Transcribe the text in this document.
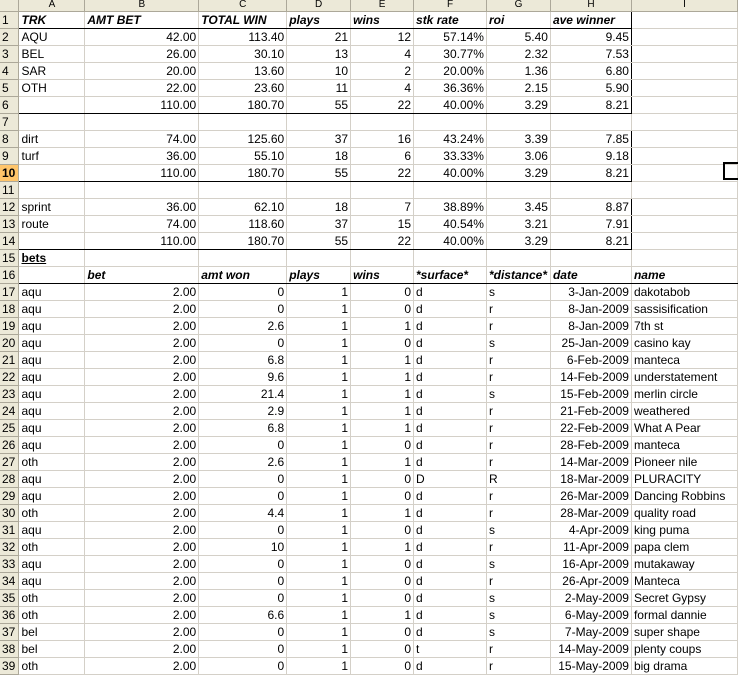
	A	B	C	D	E	F	G	H	I
1	TRK	AMT BET	TOTAL WIN	plays	wins	stk rate	roi	ave winner	
2	AQU	42.00	113.40	21	12	57.14%	5.40	9.45	
3	BEL	26.00	30.10	13	4	30.77%	2.32	7.53	
4	SAR	20.00	13.60	10	2	20.00%	1.36	6.80	
5	OTH	22.00	23.60	11	4	36.36%	2.15	5.90	
6		110.00	180.70	55	22	40.00%	3.29	8.21	
7									
8	dirt	74.00	125.60	37	16	43.24%	3.39	7.85	
9	turf	36.00	55.10	18	6	33.33%	3.06	9.18	
10		110.00	180.70	55	22	40.00%	3.29	8.21	
11									
12	sprint	36.00	62.10	18	7	38.89%	3.45	8.87	
13	route	74.00	118.60	37	15	40.54%	3.21	7.91	
14		110.00	180.70	55	22	40.00%	3.29	8.21	
15	bets								
16		bet	amt won	plays	wins	*surface*	*distance*	date	name
17	aqu	2.00	0	1	0	d	s	3-Jan-2009	dakotabob
18	aqu	2.00	0	1	0	d	r	8-Jan-2009	sassisification
19	aqu	2.00	2.6	1	1	d	r	8-Jan-2009	7th st
20	aqu	2.00	0	1	0	d	s	25-Jan-2009	casino kay
21	aqu	2.00	6.8	1	1	d	r	6-Feb-2009	manteca
22	aqu	2.00	9.6	1	1	d	r	14-Feb-2009	understatement
23	aqu	2.00	21.4	1	1	d	s	15-Feb-2009	merlin circle
24	aqu	2.00	2.9	1	1	d	r	21-Feb-2009	weathered
25	aqu	2.00	6.8	1	1	d	r	22-Feb-2009	What A Pear
26	aqu	2.00	0	1	0	d	r	28-Feb-2009	manteca
27	oth	2.00	2.6	1	1	d	r	14-Mar-2009	Pioneer nile
28	aqu	2.00	0	1	0	D	R	18-Mar-2009	PLURACITY
29	aqu	2.00	0	1	0	d	r	26-Mar-2009	Dancing Robbins
30	oth	2.00	4.4	1	1	d	r	28-Mar-2009	quality road
31	aqu	2.00	0	1	0	d	s	4-Apr-2009	king puma
32	oth	2.00	10	1	1	d	r	11-Apr-2009	papa clem
33	aqu	2.00	0	1	0	d	s	16-Apr-2009	mutakaway
34	aqu	2.00	0	1	0	d	r	26-Apr-2009	Manteca
35	oth	2.00	0	1	0	d	s	2-May-2009	Secret Gypsy
36	oth	2.00	6.6	1	1	d	s	6-May-2009	formal dannie
37	bel	2.00	0	1	0	d	s	7-May-2009	super shape
38	bel	2.00	0	1	0	t	r	14-May-2009	plenty coups
39	oth	2.00	0	1	0	d	r	15-May-2009	big drama
